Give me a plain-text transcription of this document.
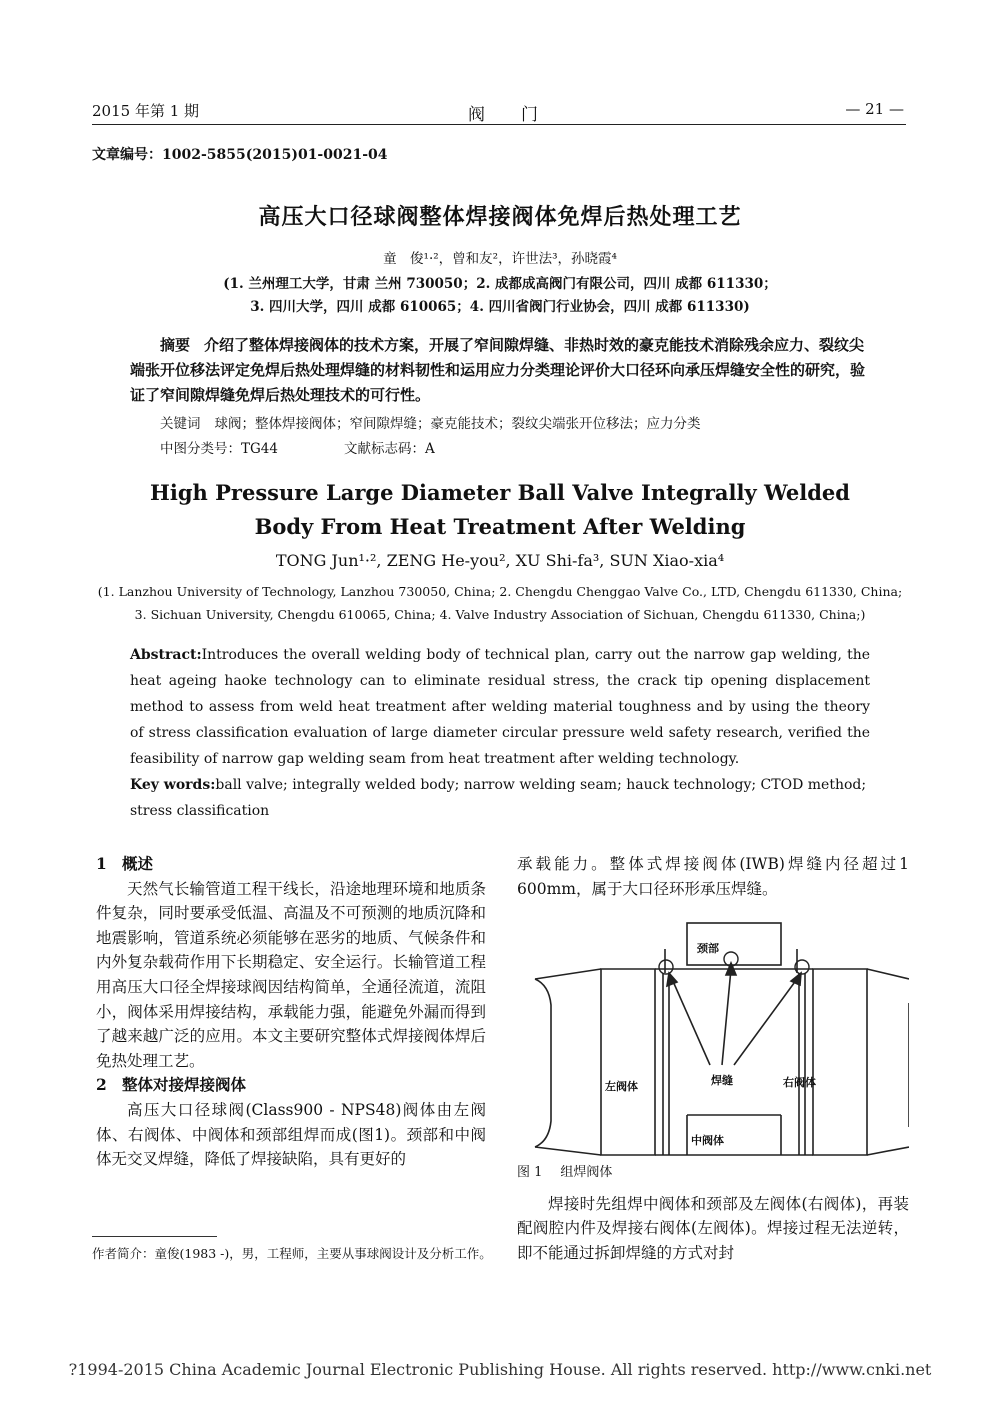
2015 年第 1 期	阀门	— 21 —
文章编号：1002-5855(2015)01-0021-04
高压大口径球阀整体焊接阀体免焊后热处理工艺
童　俊¹·²，曾和友²，许世法³，孙晓霞⁴
(1. 兰州理工大学，甘肃 兰州 730050；2. 成都成高阀门有限公司，四川 成都 611330；
3. 四川大学，四川 成都 610065；4. 四川省阀门行业协会，四川 成都 611330)

摘要 介绍了整体焊接阀体的技术方案，开展了窄间隙焊缝、非热时效的豪克能技术消除残余应力、裂纹尖端张开位移法评定免焊后热处理焊缝的材料韧性和运用应力分类理论评价大口径环向承压焊缝安全性的研究，验证了窄间隙焊缝免焊后热处理技术的可行性。

关键词 球阀；整体焊接阀体；窄间隙焊缝；豪克能技术；裂纹尖端张开位移法；应力分类
中图分类号：TG44	文献标志码：A
High Pressure Large Diameter Ball Valve Integrally Welded
Body From Heat Treatment After Welding
TONG Jun¹·², ZENG He-you², XU Shi-fa³, SUN Xiao-xia⁴
(1. Lanzhou University of Technology, Lanzhou 730050, China; 2. Chengdu Chenggao Valve Co., LTD, Chengdu 611330, China;
3. Sichuan University, Chengdu 610065, China; 4. Valve Industry Association of Sichuan, Chengdu 611330, China;)

Abstract:Introduces the overall welding body of technical plan, carry out the narrow gap welding, the heat ageing haoke technology can to eliminate residual stress, the crack tip opening displacement method to assess from weld heat treatment after welding material toughness and by using the theory of stress classification evaluation of large diameter circular pressure weld safety research, verified the feasibility of narrow gap welding seam from heat treatment after welding technology.

Key words:ball valve; integrally welded body; narrow welding seam; hauck technology; CTOD method; stress classification

1 概述

天然气长输管道工程干线长，沿途地理环境和地质条件复杂，同时要承受低温、高温及不可预测的地质沉降和地震影响，管道系统必须能够在恶劣的地质、气候条件和内外复杂载荷作用下长期稳定、安全运行。长输管道工程用高压大口径全焊接球阀因结构简单，全通径流道，流阻小，阀体采用焊接结构，承载能力强，能避免外漏而得到了越来越广泛的应用。本文主要研究整体式焊接阀体焊后免热处理工艺。

2 整体对接焊接阀体

高压大口径球阀(Class900 - NPS48)阀体由左阀体、右阀体、中阀体和颈部组焊而成(图1)。颈部和中阀体无交叉焊缝，降低了焊接缺陷，具有更好的

承载能力。整体式焊接阀体(IWB)焊缝内径超过1 600mm，属于大口径环形承压焊缝。

颈部
焊缝
左阀体	右阀体
中阀体

图 1 组焊阀体

焊接时先组焊中阀体和颈部及左阀体(右阀体)，再装配阀腔内件及焊接右阀体(左阀体)。焊接过程无法逆转，即不能通过拆卸焊缝的方式对封

作者简介：童俊(1983 -)，男，工程师，主要从事球阀设计及分析工作。
?1994-2015 China Academic Journal Electronic Publishing House. All rights reserved. http://www.cnki.net
